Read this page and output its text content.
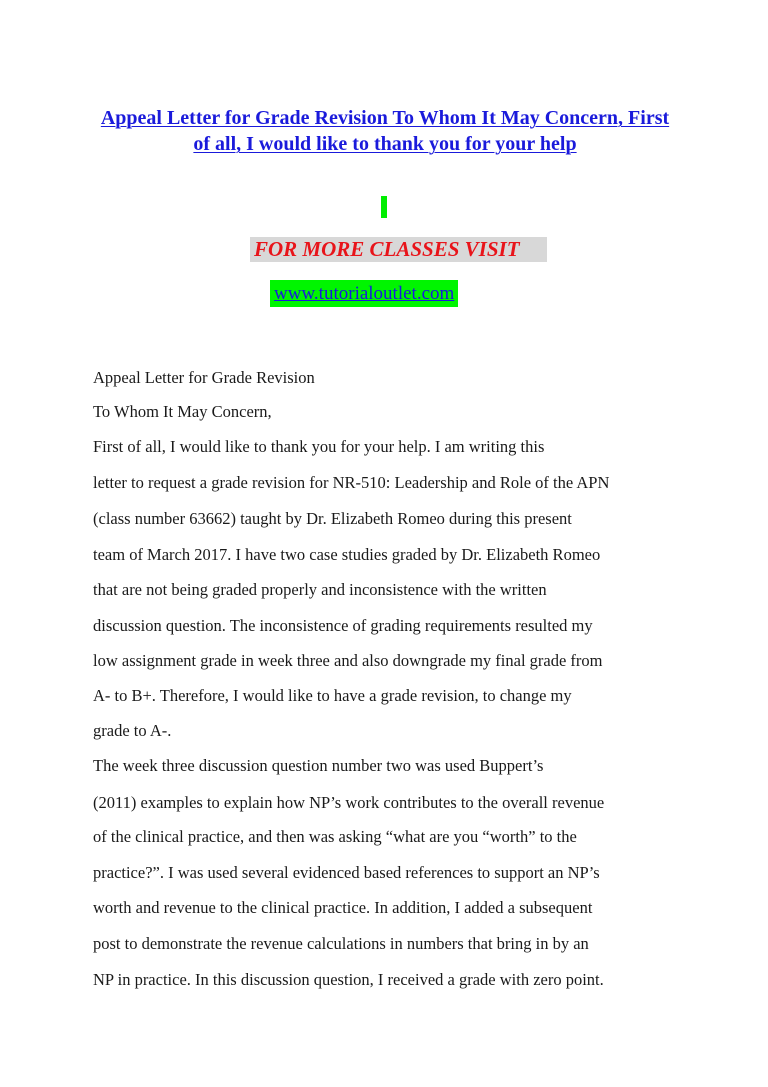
Appeal Letter for Grade Revision To Whom It May Concern, First of all, I would like to thank you for your help
FOR MORE CLASSES VISIT
www.tutorialoutlet.com
Appeal Letter for Grade Revision
To Whom It May Concern,
First of all, I would like to thank you for your help. I am writing this
letter to request a grade revision for NR-510: Leadership and Role of the APN
(class number 63662) taught by Dr. Elizabeth Romeo during this present
team of March 2017. I have two case studies graded by Dr. Elizabeth Romeo
that are not being graded properly and inconsistence with the written
discussion question. The inconsistence of grading requirements resulted my
low assignment grade in week three and also downgrade my final grade from
A- to B+. Therefore, I would like to have a grade revision, to change my
grade to A-.
The week three discussion question number two was used Buppert’s
(2011) examples to explain how NP’s work contributes to the overall revenue
of the clinical practice, and then was asking “what are you “worth” to the
practice?”. I was used several evidenced based references to support an NP’s
worth and revenue to the clinical practice. In addition, I added a subsequent
post to demonstrate the revenue calculations in numbers that bring in by an
NP in practice. In this discussion question, I received a grade with zero point.
